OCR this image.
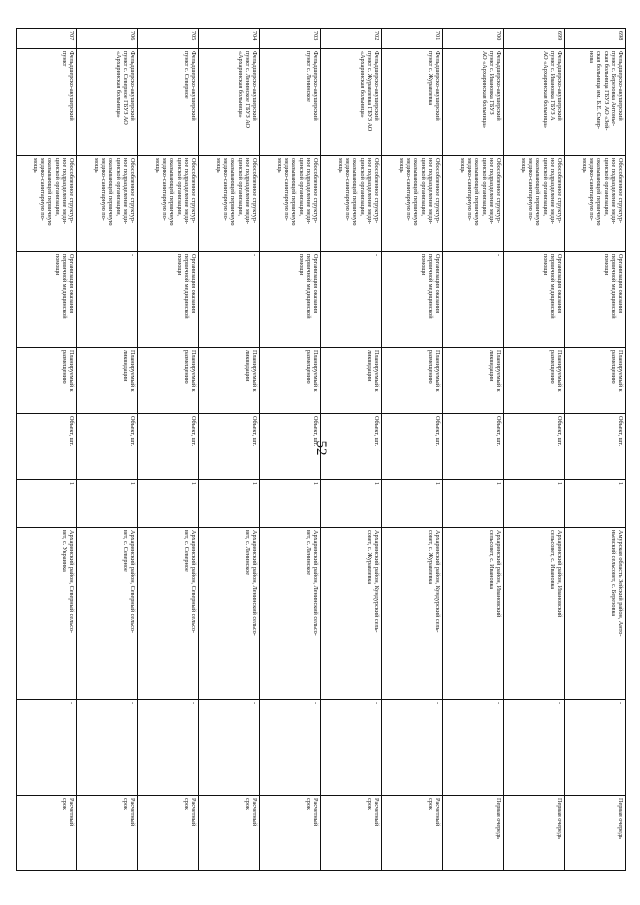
52
698
Фельдшерско-акушерский
пункт с. Березовка Антонье-
ская больница ГБУЗ АО «Зей-
ская больница им. Б.Е. Смир-
нова
Обособленное структур-
ное подразделение меди-
цинской организации,
оказывающей первичную
медико-санитарную по-
мощь
Организация оказания
первичной медицинской
помощи
Планируемый к
размещению
Объект, шт.
1
Амурская область Зейский район, Анто-
ньевский сельсовет, с. Березовка
-
Первая очередь
699
Фельдшерско-акушерский
пункт с. Ивановка ГБУЗ А
АО «Архаринская больница»
Обособленное структур-
ное подразделение меди-
цинской организации,
оказывающей первичную
медико-санитарную по-
мощь
Организация оказания
первичной медицинской
помощи
Планируемый к
размещению
Объект, шт.
1
Архаринский район, Ивановский
сельсовет, с. Ивановка
-
Первая очередь
700
Фельдшерско-акушерский
пункт с. Ивановка ГБУЗ
АО «Архаринская больница»
Обособленное структур-
ное подразделение меди-
цинской организации,
оказывающей первичную
медико-санитарную по-
мощь
-
Планируемый к
ликвидации
Объект, шт.
1
Архаринский район, Ивановский
сельсовет, с. Ивановка
-
Первая очередь
701
Фельдшерско-акушерский
пункт с. Журавлевка
Обособленное структур-
ное подразделение меди-
цинской организации,
оказывающей первичную
медико-санитарную по-
мощь
Организация оказания
первичной медицинской
помощи
Планируемый к
размещению
Объект, шт.
1
Архаринский район, Кундурский сель-
совет, с. Журавлевка
-
Расчетный
срок
702
Фельдшерско-акушерский
пункт с. Журавлевка ГБУЗ АО
«Архаринская больница»
Обособленное структур-
ное подразделение меди-
цинской организации,
оказывающей первичную
медико-санитарную по-
мощь
-
Планируемый к
ликвидации
Объект, шт.
1
Архаринский район, Кундурский сель-
совет, с. Журавлевка
-
Расчетный
срок
703
Фельдшерско-акушерский
пункт с. Ленинское
Обособленное структур-
ное подразделение меди-
цинской организации,
оказывающей первичную
медико-санитарную по-
мощь
Организация оказания
первичной медицинской
помощи
Планируемый к
размещению
Объект, шт.
1
Архаринский район, Ленинский сельсо-
вет, с. Ленинское
-
Расчетный
срок
704
Фельдшерско-акушерский
пункт с. Ленинское ГБУЗ АО
«Архаринская больница»
Обособленное структур-
ное подразделение меди-
цинской организации,
оказывающей первичную
медико-санитарную по-
мощь
-
Планируемый к
ликвидации
Объект, шт.
1
Архаринский район, Ленинский сельсо-
вет, с. Ленинское
-
Расчетный
срок
705
Фельдшерско-акушерский
пункт с. Северное
Обособленное структур-
ное подразделение меди-
цинской организации,
оказывающей первичную
медико-санитарную по-
мощь
Организация оказания
первичной медицинской
помощи
Планируемый к
размещению
Объект, шт.
1
Архаринский район, Северный сельсо-
вет, с. Северное
-
Расчетный
срок
706
Фельдшерско-акушерский
пункт с. Северное ГБУЗ АО
«Архаринская больница»
Обособленное структур-
ное подразделение меди-
цинской организации,
оказывающей первичную
медико-санитарную по-
мощь
-
Планируемый к
ликвидации
Объект, шт.
1
Архаринский район, Северный сельсо-
вет, с. Северное
-
Расчетный
срок
707
Фельдшерско-акушерский
пункт
Обособленное структур-
ное подразделение меди-
цинской организации,
оказывающей первичную
медико-санитарную по-
мощь
Организация оказания
первичной медицинской
помощи
Планируемый к
размещению
Объект, шт.
1
Архаринский район, Северный сельсо-
вет, с. Украинка
-
Расчетный
срок
